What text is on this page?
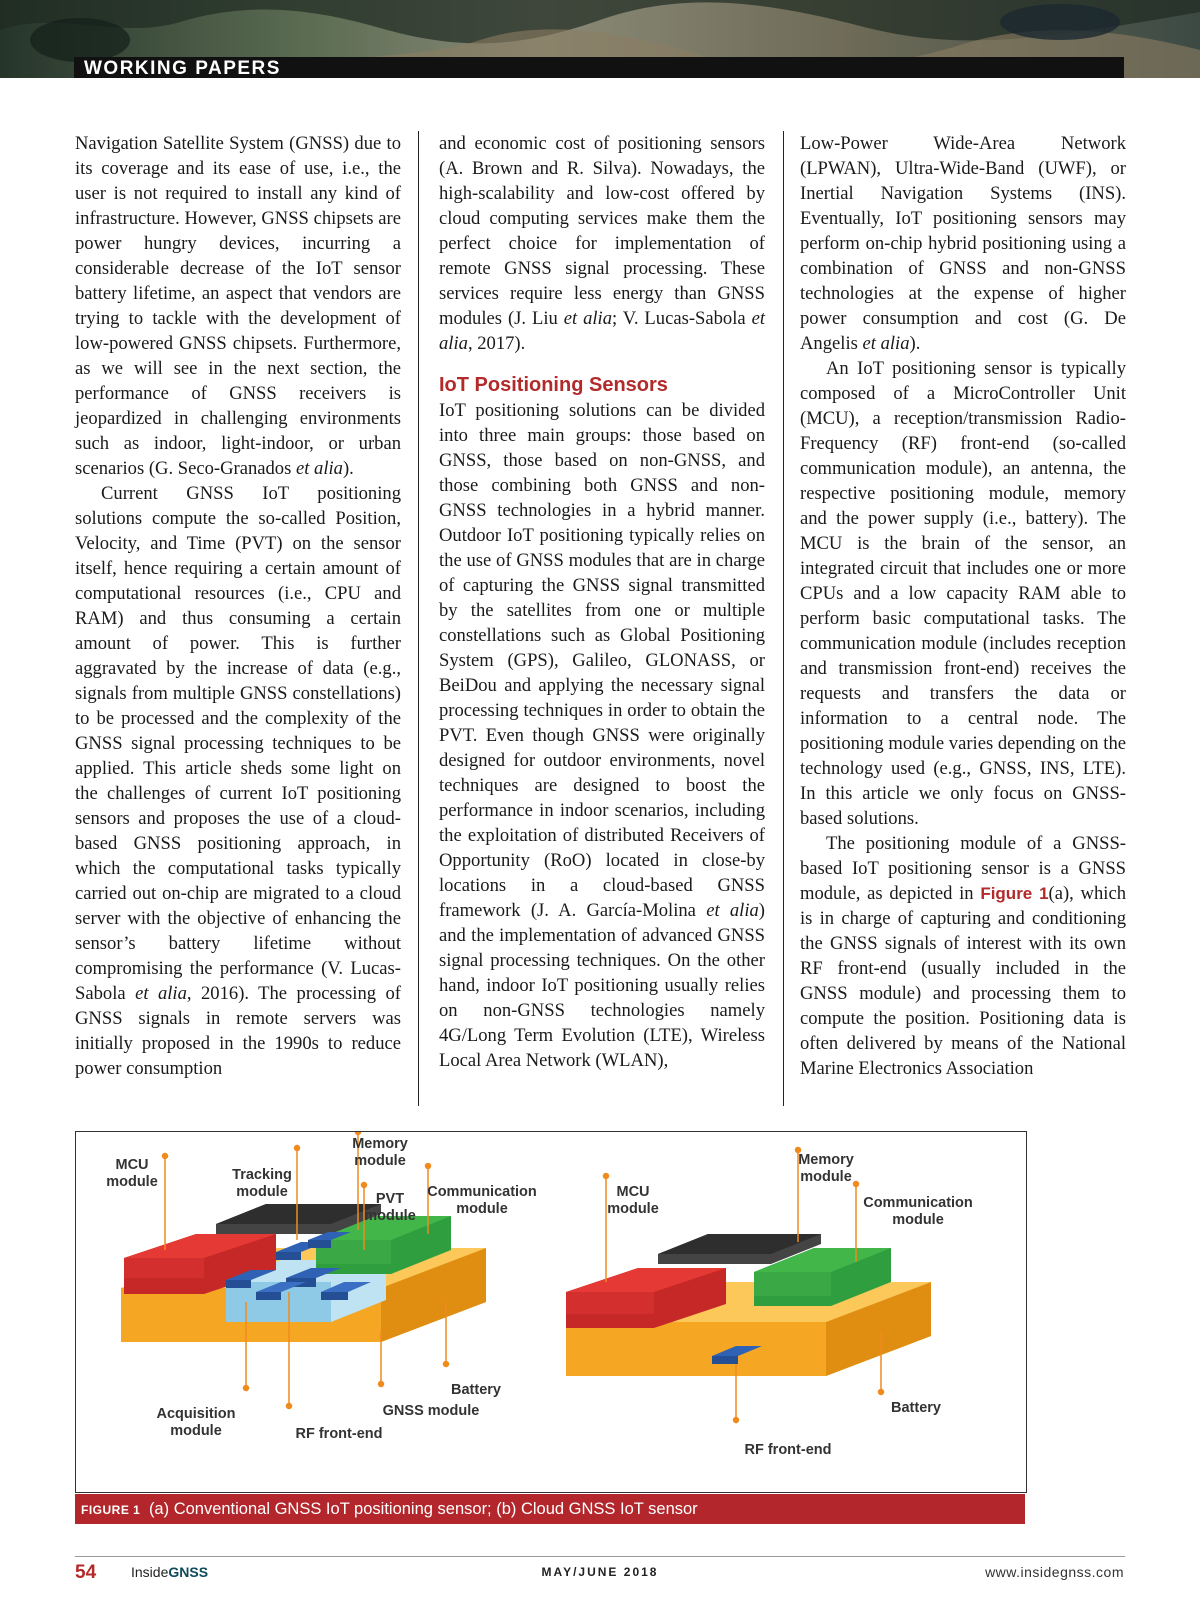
WORKING PAPERS

Navigation Satellite System (GNSS) due to its coverage and its ease of use, i.e., the user is not required to install any kind of infrastructure. However, GNSS chipsets are power hungry devices, incurring a considerable decrease of the IoT sensor battery lifetime, an aspect that vendors are trying to tackle with the development of low-powered GNSS chipsets. Furthermore, as we will see in the next section, the performance of GNSS receivers is jeopardized in challenging environments such as indoor, light-indoor, or urban scenarios (G. Seco-Granados et alia).

Current GNSS IoT positioning solutions compute the so-called Position, Velocity, and Time (PVT) on the sensor itself, hence requiring a certain amount of computational resources (i.e., CPU and RAM) and thus consuming a certain amount of power. This is further aggravated by the increase of data (e.g., signals from multiple GNSS constellations) to be processed and the complexity of the GNSS signal processing techniques to be applied. This article sheds some light on the challenges of current IoT positioning sensors and proposes the use of a cloud-based GNSS positioning approach, in which the computational tasks typically carried out on-chip are migrated to a cloud server with the objective of enhancing the sensor’s battery lifetime without compromising the performance (V. Lucas-Sabola et alia, 2016). The processing of GNSS signals in remote servers was initially proposed in the 1990s to reduce power consumption

and economic cost of positioning sensors (A. Brown and R. Silva). Nowadays, the high-scalability and low-cost offered by cloud computing services make them the perfect choice for implementation of remote GNSS signal processing. These services require less energy than GNSS modules (J. Liu et alia; V. Lucas-Sabola et alia, 2017).

IoT Positioning Sensors

IoT positioning solutions can be divided into three main groups: those based on GNSS, those based on non-GNSS, and those combining both GNSS and non-GNSS technologies in a hybrid manner. Outdoor IoT positioning typically relies on the use of GNSS modules that are in charge of capturing the GNSS signal transmitted by the satellites from one or multiple constellations such as Global Positioning System (GPS), Galileo, GLONASS, or BeiDou and applying the necessary signal processing techniques in order to obtain the PVT. Even though GNSS were originally designed for outdoor environments, novel techniques are designed to boost the performance in indoor scenarios, including the exploitation of distributed Receivers of Opportunity (RoO) located in close-by locations in a cloud-based GNSS framework (J. A. García-Molina et alia) and the implementation of advanced GNSS signal processing techniques. On the other hand, indoor IoT positioning usually relies on non-GNSS technologies namely 4G/Long Term Evolution (LTE), Wireless Local Area Network (WLAN),

Low-Power Wide-Area Network (LPWAN), Ultra-Wide-Band (UWF), or Inertial Navigation Systems (INS). Eventually, IoT positioning sensors may perform on-chip hybrid positioning using a combination of GNSS and non-GNSS technologies at the expense of higher power consumption and cost (G. De Angelis et alia).

An IoT positioning sensor is typically composed of a MicroController Unit (MCU), a reception/transmission Radio-Frequency (RF) front-end (so-called communication module), an antenna, the respective positioning module, memory and the power supply (i.e., battery). The MCU is the brain of the sensor, an integrated circuit that includes one or more CPUs and a low capacity RAM able to perform basic computational tasks. The communication module (includes reception and transmission front-end) receives the requests and transfers the data or information to a central node. The positioning module varies depending on the technology used (e.g., GNSS, INS, LTE). In this article we only focus on GNSS-based solutions.

The positioning module of a GNSS-based IoT positioning sensor is a GNSS module, as depicted in Figure 1(a), which is in charge of capturing and conditioning the GNSS signals of interest with its own RF front-end (usually included in the GNSS module) and processing them to compute the position. Positioning data is often delivered by means of the National Marine Electronics Association

MCU
module	Tracking
module
Memory
module
PVT
module
Communication
module
Battery
GNSS module
Acquisition
module	RF front-end
MCU
module
Memory
module
Communication
module
Battery
RF front-end
FIGURE 1 (a) Conventional GNSS IoT positioning sensor; (b) Cloud GNSS IoT sensor
54 InsideGNSS	MAY/JUNE 2018	www.insidegnss.com
